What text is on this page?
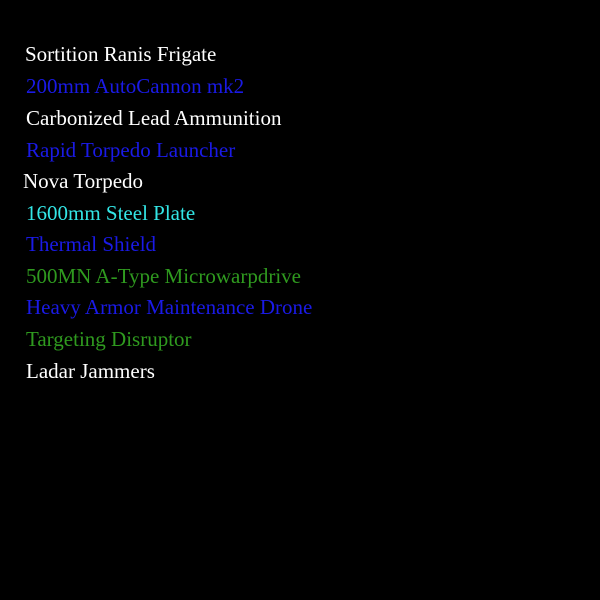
Sortition Ranis Frigate
200mm AutoCannon mk2
Carbonized Lead Ammunition
Rapid Torpedo Launcher
Nova Torpedo
1600mm Steel Plate
Thermal Shield
500MN A-Type Microwarpdrive
Heavy Armor Maintenance Drone
Targeting Disruptor
Ladar Jammers
